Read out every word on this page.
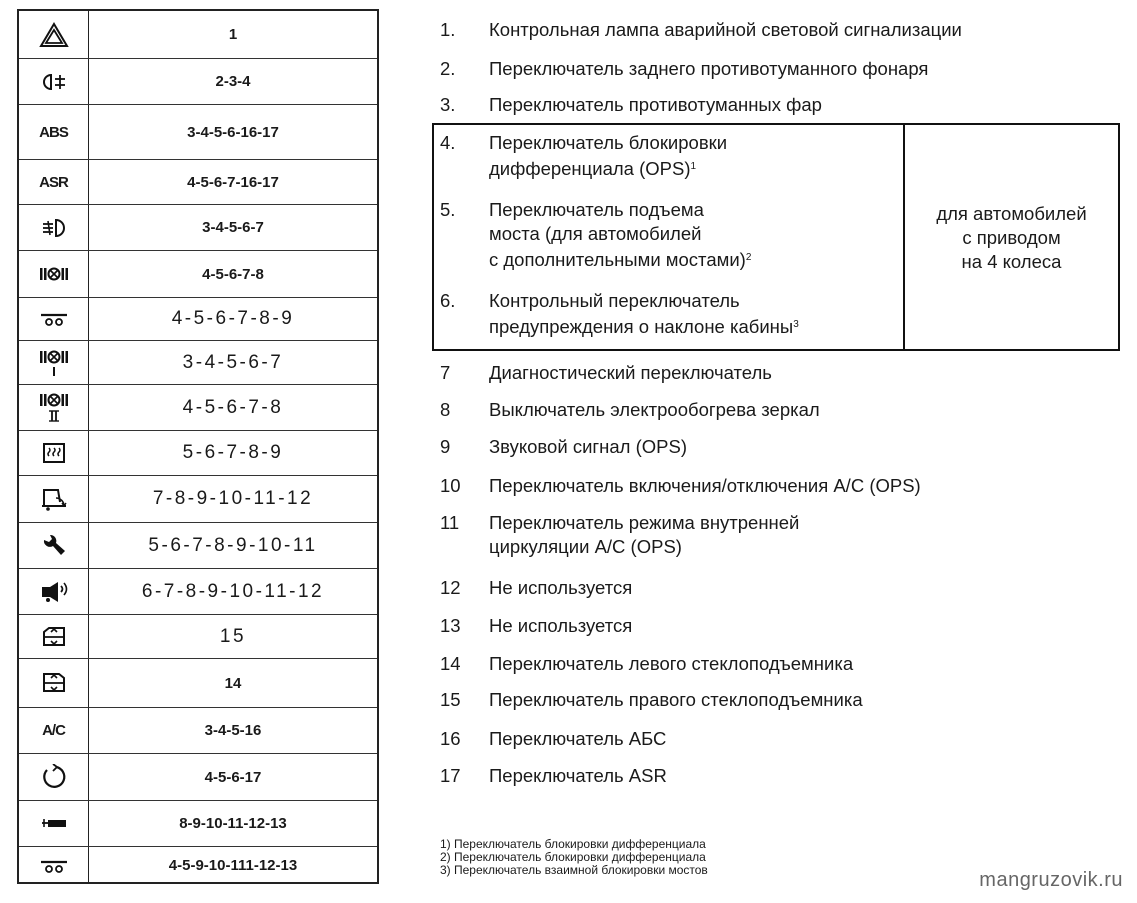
1
2-3-4
ABS	3-4-5-6-16-17
ASR	4-5-6-7-16-17
3-4-5-6-7
4-5-6-7-8
4-5-6-7-8-9
3-4-5-6-7
4-5-6-7-8
5-6-7-8-9
7-8-9-10-11-12
5-6-7-8-9-10-11
6-7-8-9-10-11-12
15
14
A/C	3-4-5-16
4-5-6-17
8-9-10-11-12-13
4-5-9-10-111-12-13
1.	Контрольная лампа аварийной световой сигнализации
2.	Переключатель заднего противотуманного фонаря
3.	Переключатель противотуманных фар
для автомобилей
с приводом
на 4 колеса
4.	Переключатель блокировки
дифференциала (OPS)$^1$
5.	Переключатель подъема
моста (для автомобилей
с дополнительными мостами)$^2$
6.	Контрольный переключатель
предупреждения о наклоне кабины$^3$
7	Диагностический переключатель
8	Выключатель электрообогрева зеркал
9	Звуковой сигнал (OPS)
10	Переключатель включения/отключения А/С (OPS)
11	Переключатель режима внутренней
циркуляции А/С (OPS)
12	Не используется
13	Не используется
14	Переключатель левого стеклоподъемника
15	Переключатель правого стеклоподъемника
16	Переключатель АБС
17	Переключатель ASR
1) Переключатель блокировки дифференциала
2) Переключатель блокировки дифференциала
3) Переключатель взаимной блокировки мостов	mangruzovik.ru
